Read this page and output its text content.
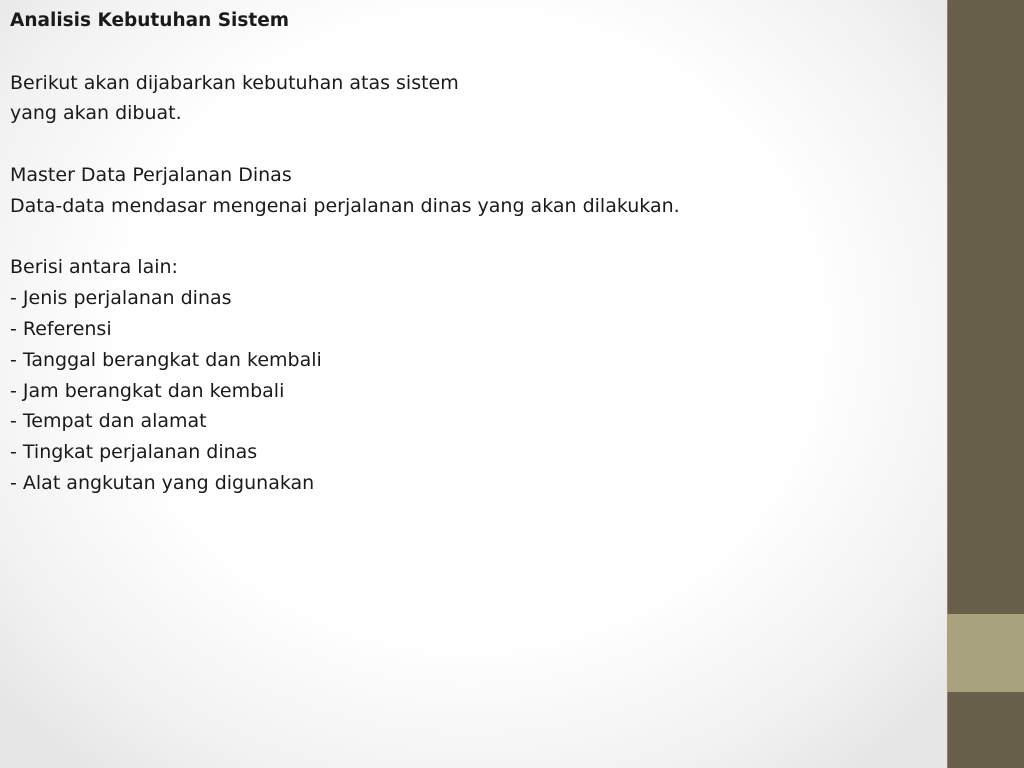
Analisis Kebutuhan Sistem
Berikut akan dijabarkan kebutuhan atas sistem
yang akan dibuat.
Master Data Perjalanan Dinas
Data-data mendasar mengenai perjalanan dinas yang akan dilakukan.
Berisi antara lain:
- Jenis perjalanan dinas
- Referensi
- Tanggal berangkat dan kembali
- Jam berangkat dan kembali
- Tempat dan alamat
- Tingkat perjalanan dinas
- Alat angkutan yang digunakan
